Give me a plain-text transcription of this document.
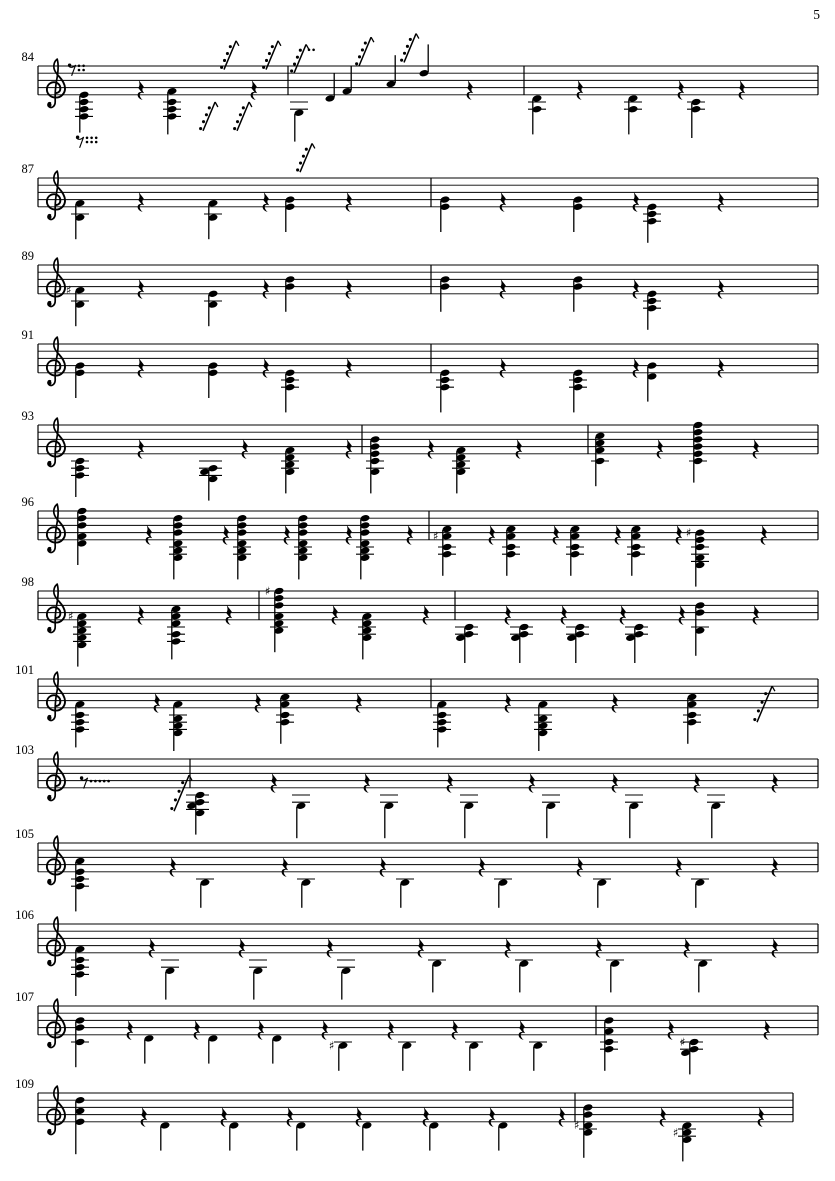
5
84
87
89
♯
91
93
96
♯	♯
98
♯
♯
101
103
105
106
107
♯	♯
109
♯
♯
